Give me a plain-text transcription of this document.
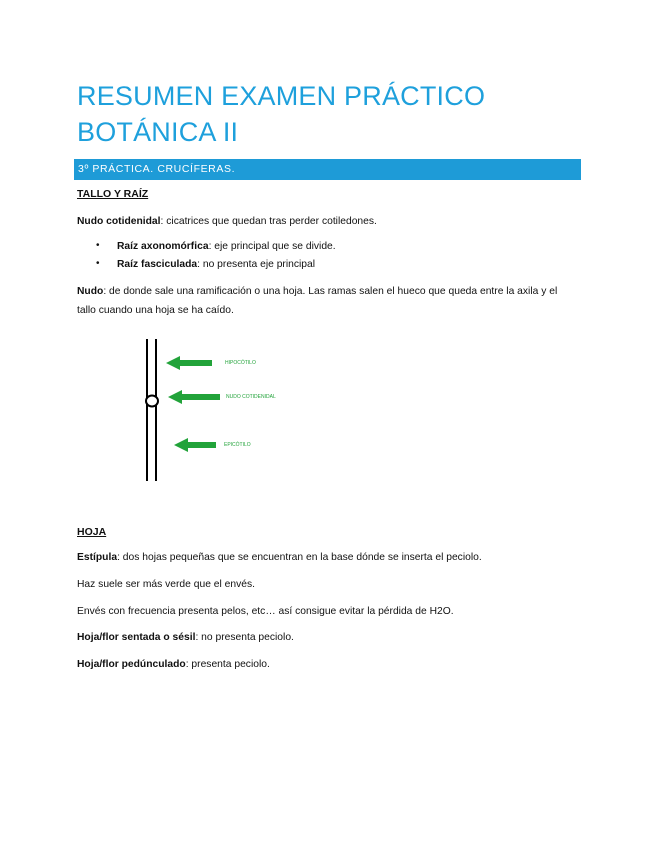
RESUMEN EXAMEN PRÁCTICO
BOTÁNICA II
3º PRÁCTICA. CRUCÍFERAS.
TALLO Y RAÍZ
Nudo cotidenidal: cicatrices que quedan tras perder cotiledones.
•	Raíz axonomórfica: eje principal que se divide.
•	Raíz fasciculada: no presenta eje principal
Nudo: de donde sale una ramificación o una hoja. Las ramas salen el hueco que queda entre la axila y el
tallo cuando una hoja se ha caído.
HIPOCÓTILO
NUDO COTIDENIDAL
EPICÓTILO
HOJA
Estípula: dos hojas pequeñas que se encuentran en la base dónde se inserta el peciolo.
Haz suele ser más verde que el envés.
Envés con frecuencia presenta pelos, etc… así consigue evitar la pérdida de H2O.
Hoja/flor sentada o sésil: no presenta peciolo.
Hoja/flor pedúnculado: presenta peciolo.
